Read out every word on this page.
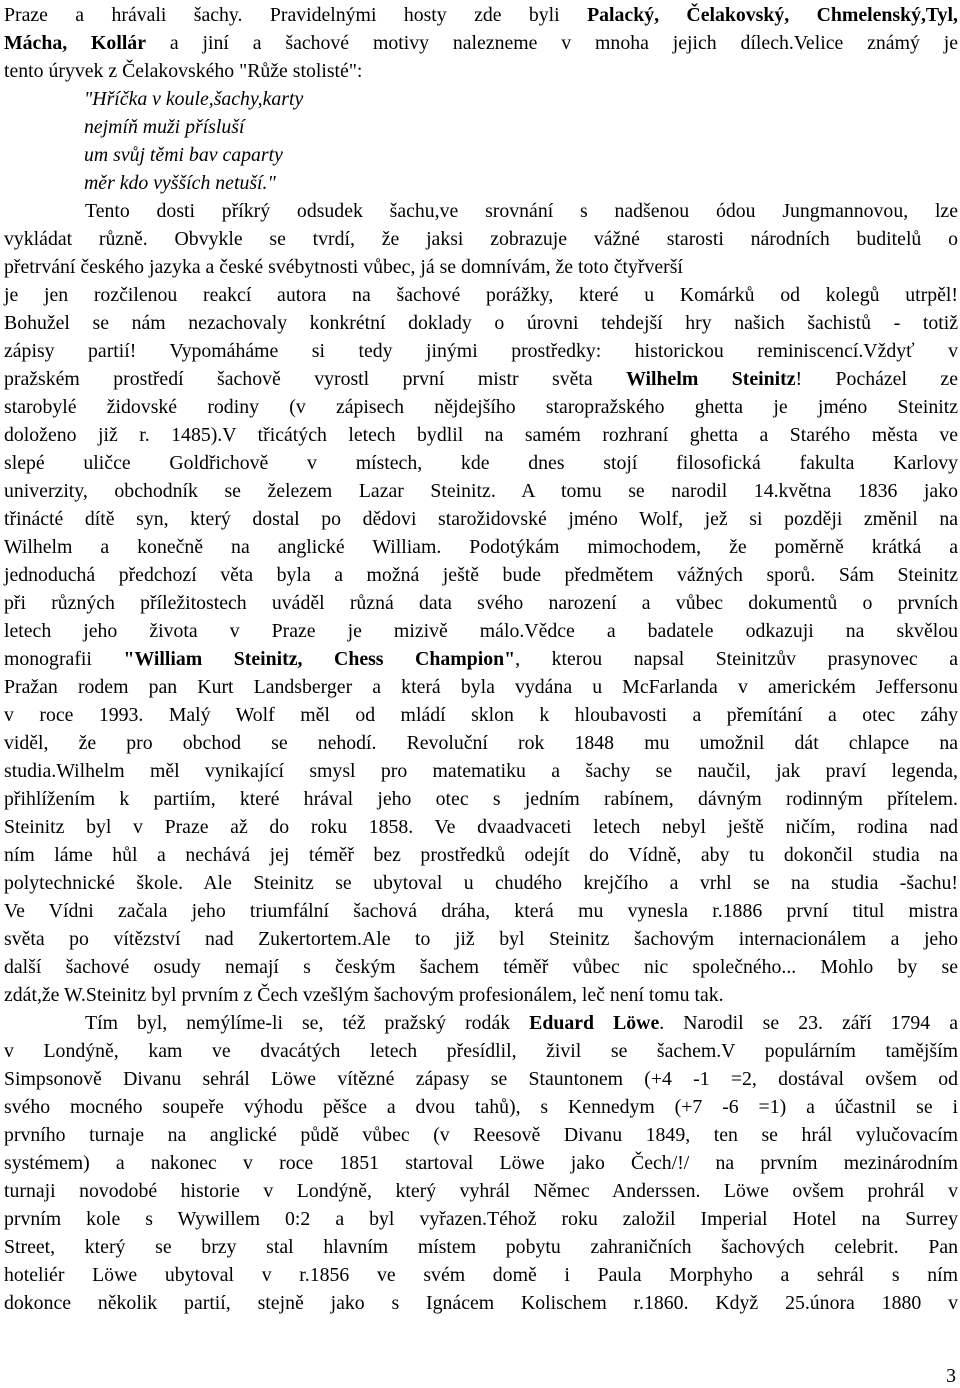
Praze a hrávali šachy. Pravidelnými hosty zde byli Palacký, Čelakovský, Chmelenský,Tyl,
Mácha, Kollár a jiní a šachové motivy nalezneme v mnoha jejich dílech.Velice známý je
tento úryvek z Čelakovského "Růže stolisté":
"Hříčka v koule,šachy,karty
nejmíň muži přísluší
um svůj těmi bav caparty
měr kdo vyšších netuší."
Tento dosti příkrý odsudek šachu,ve srovnání s nadšenou ódou Jungmannovou, lze
vykládat různě. Obvykle se tvrdí, že jaksi zobrazuje vážné starosti národních buditelů o
přetrvání českého jazyka a české svébytnosti vůbec, já se domnívám, že toto čtyřverší
je jen rozčilenou reakcí autora na šachové porážky, které u Komárků od kolegů utrpěl!
Bohužel se nám nezachovaly konkrétní doklady o úrovni tehdejší hry našich šachistů - totiž
zápisy partií! Vypomáháme si tedy jinými prostředky: historickou reminiscencí.Vždyť v
pražském prostředí šachově vyrostl první mistr světa Wilhelm Steinitz! Pocházel ze
starobylé židovské rodiny (v zápisech nějdejšího staropražského ghetta je jméno Steinitz
doloženo již r. 1485).V třicátých letech bydlil na samém rozhraní ghetta a Starého města ve
slepé uličce Goldřichově v místech, kde dnes stojí filosofická fakulta Karlovy
univerzity, obchodník se železem Lazar Steinitz. A tomu se narodil 14.května 1836 jako
třinácté dítě syn, který dostal po dědovi starožidovské jméno Wolf, jež si později změnil na
Wilhelm a konečně na anglické William. Podotýkám mimochodem, že poměrně krátká a
jednoduchá předchozí věta byla a možná ještě bude předmětem vážných sporů. Sám Steinitz
při různých příležitostech uváděl různá data svého narození a vůbec dokumentů o prvních
letech jeho života v Praze je mizivě málo.Vědce a badatele odkazuji na skvělou
monografii "William Steinitz, Chess Champion", kterou napsal Steinitzův prasynovec a
Pražan rodem pan Kurt Landsberger a která byla vydána u McFarlanda v americkém Jeffersonu
v roce 1993. Malý Wolf měl od mládí sklon k hloubavosti a přemítání a otec záhy
viděl, že pro obchod se nehodí. Revoluční rok 1848 mu umožnil dát chlapce na
studia.Wilhelm měl vynikající smysl pro matematiku a šachy se naučil, jak praví legenda,
přihlížením k partiím, které hrával jeho otec s jedním rabínem, dávným rodinným přítelem.
Steinitz byl v Praze až do roku 1858. Ve dvaadvaceti letech nebyl ještě ničím, rodina nad
ním láme hůl a nechává jej téměř bez prostředků odejít do Vídně, aby tu dokončil studia na
polytechnické škole. Ale Steinitz se ubytoval u chudého krejčího a vrhl se na studia -šachu!
Ve Vídni začala jeho triumfální šachová dráha, která mu vynesla r.1886 první titul mistra
světa po vítězství nad Zukertortem.Ale to již byl Steinitz šachovým internacionálem a jeho
další šachové osudy nemají s českým šachem téměř vůbec nic společného... Mohlo by se
zdát,že W.Steinitz byl prvním z Čech vzešlým šachovým profesionálem, leč není tomu tak.
Tím byl, nemýlíme-li se, též pražský rodák Eduard Löwe. Narodil se 23. září 1794 a
v Londýně, kam ve dvacátých letech přesídlil, živil se šachem.V populárním tamějším
Simpsonově Divanu sehrál Löwe vítězné zápasy se Stauntonem (+4 -1 =2, dostával ovšem od
svého mocného soupeře výhodu pěšce a dvou tahů), s Kennedym (+7 -6 =1) a účastnil se i
prvního turnaje na anglické půdě vůbec (v Reesově Divanu 1849, ten se hrál vylučovacím
systémem) a nakonec v roce 1851 startoval Löwe jako Čech/!/ na prvním mezinárodním
turnaji novodobé historie v Londýně, který vyhrál Němec Anderssen. Löwe ovšem prohrál v
prvním kole s Wywillem 0:2 a byl vyřazen.Téhož roku založil Imperial Hotel na Surrey
Street, který se brzy stal hlavním místem pobytu zahraničních šachových celebrit. Pan
hoteliér Löwe ubytoval v r.1856 ve svém domě i Paula Morphyho a sehrál s ním
dokonce několik partií, stejně jako s Ignácem Kolischem r.1860. Když 25.února 1880 v
3
